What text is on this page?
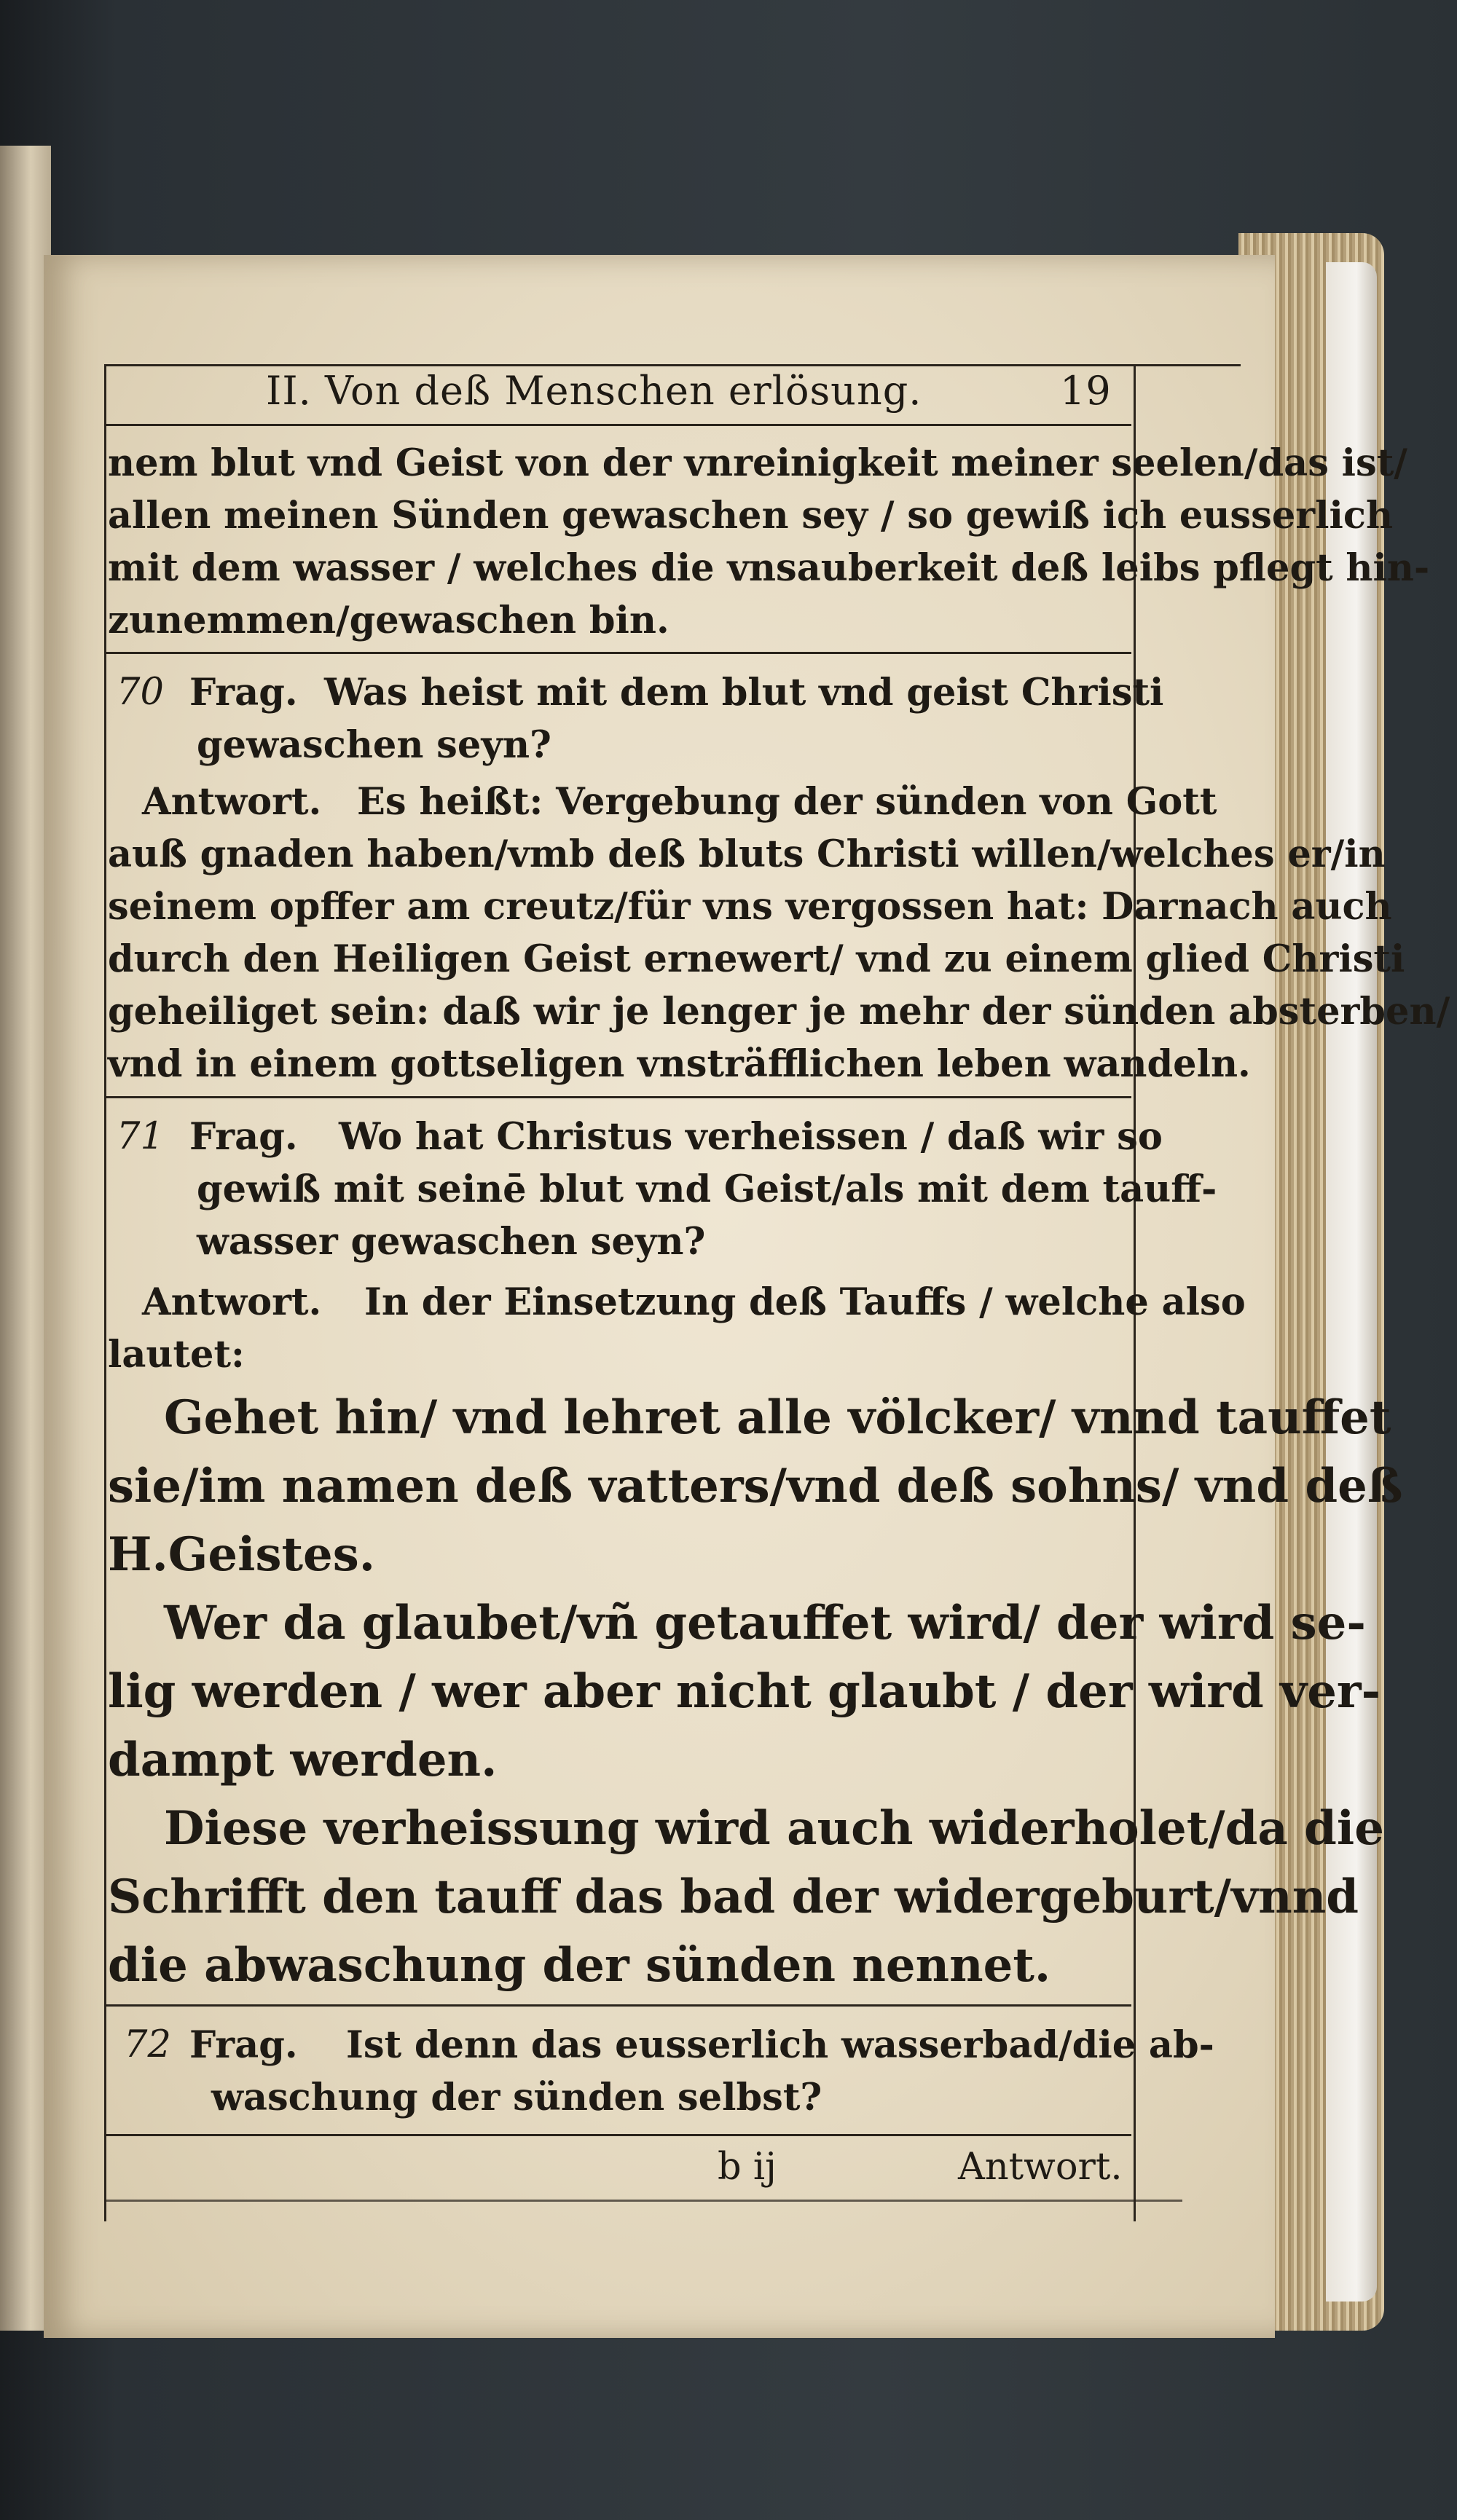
II. Von deß Menschen erlösung.	19
nem blut vnd Geist von der vnreinigkeit meiner seelen/das ist/
allen meinen Sünden gewaschen sey / so gewiß ich eusserlich
mit dem wasser / welches die vnsauberkeit deß leibs pflegt hin-
zunemmen/gewaschen bin.
70 Frag. Was heist mit dem blut vnd geist Christi
gewaschen seyn?
Antwort. Es heißt: Vergebung der sünden von Gott
auß gnaden haben/vmb deß bluts Christi willen/welches er/in
seinem opffer am creutz/für vns vergossen hat: Darnach auch
durch den Heiligen Geist ernewert/ vnd zu einem glied Christi
geheiliget sein: daß wir je lenger je mehr der sünden absterben/
vnd in einem gottseligen vnsträfflichen leben wandeln.
71 Frag. Wo hat Christus verheissen / daß wir so
gewiß mit seinē blut vnd Geist/als mit dem tauff-
wasser gewaschen seyn?
Antwort. In der Einsetzung deß Tauffs / welche also
lautet:
Gehet hin/ vnd lehret alle völcker/ vnnd tauffet
sie/im namen deß vatters/vnd deß sohns/ vnd deß
H.Geistes.
Wer da glaubet/vñ getauffet wird/ der wird se-
lig werden / wer aber nicht glaubt / der wird ver-
dampt werden.
Diese verheissung wird auch widerholet/da die
Schrifft den tauff das bad der widergeburt/vnnd
die abwaschung der sünden nennet.
72 Frag. Ist denn das eusserlich wasserbad/die ab-
waschung der sünden selbst?
b ij	Antwort.
